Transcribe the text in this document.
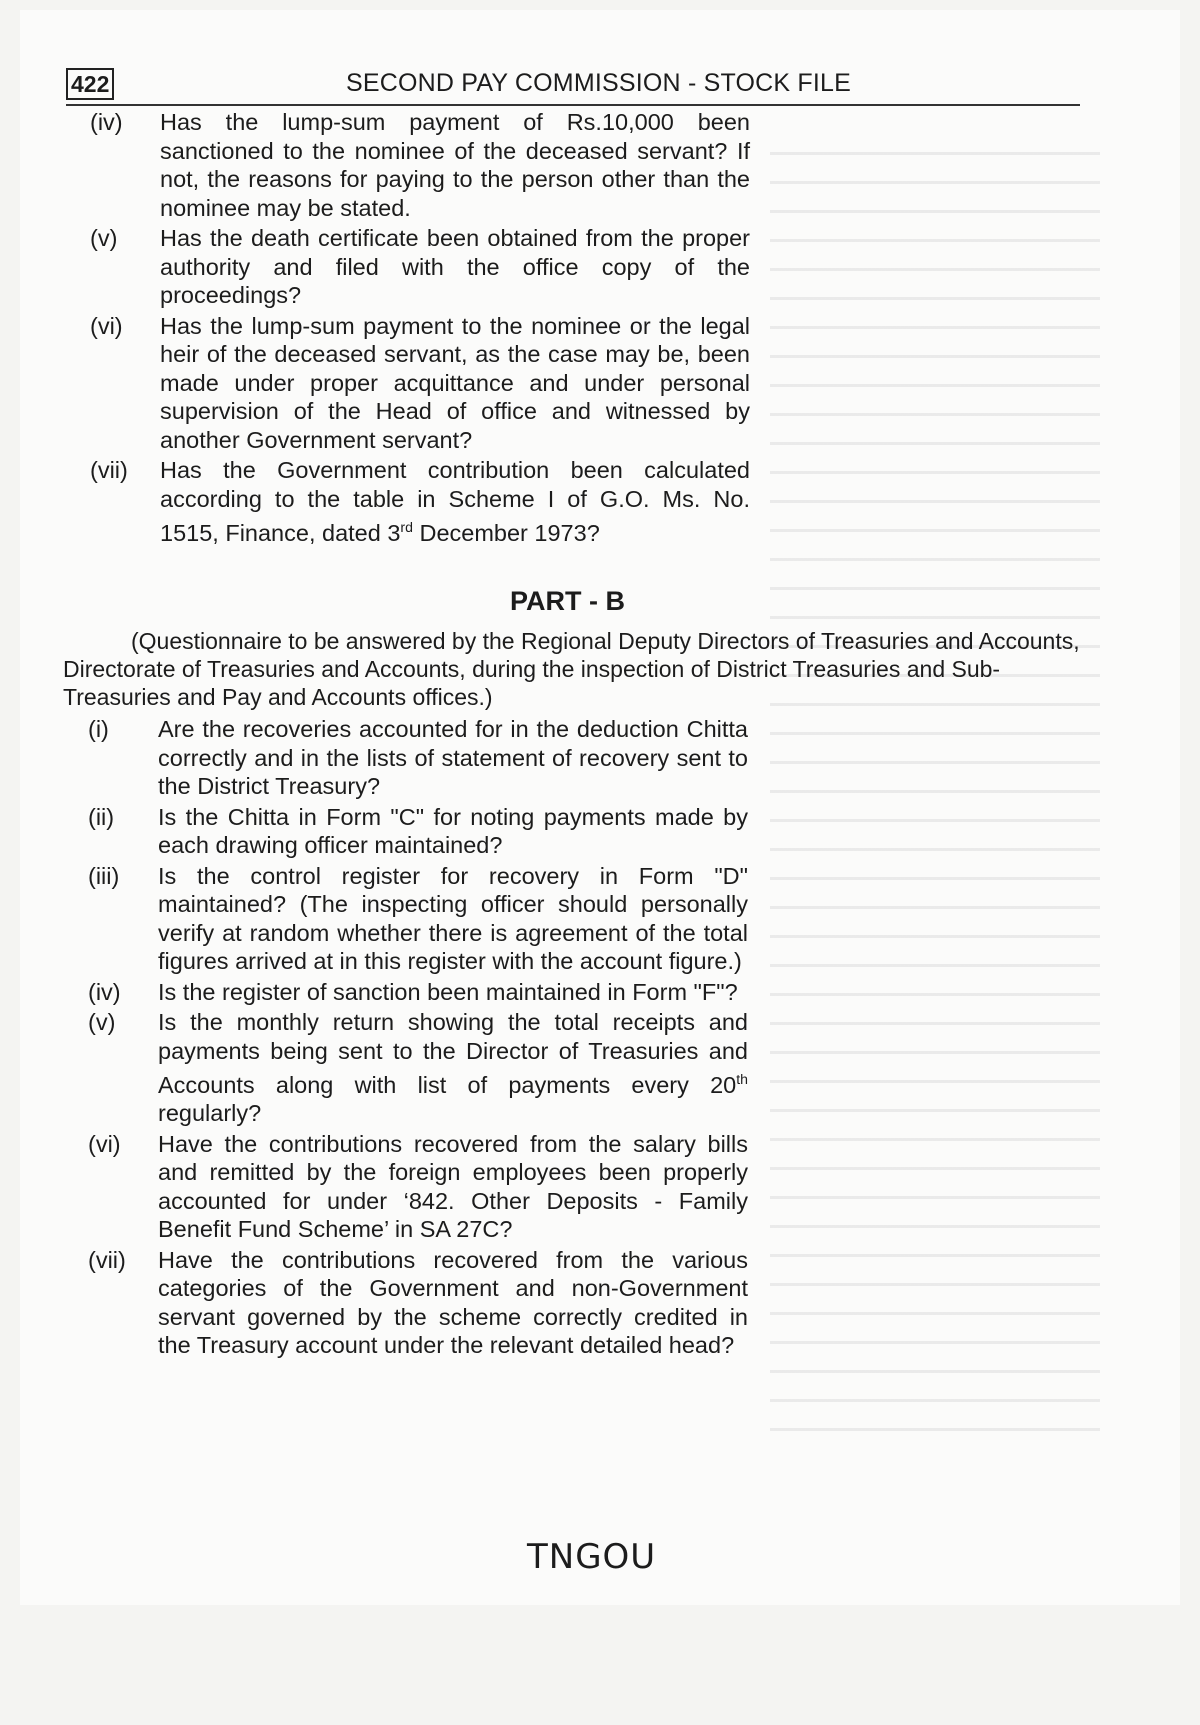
422	SECOND PAY COMMISSION - STOCK FILE
(iv) Has the lump-sum payment of Rs.10,000 been sanctioned to the nominee of the deceased servant? If not, the reasons for paying to the person other than the nominee may be stated.
(v) Has the death certificate been obtained from the proper authority and filed with the office copy of the proceedings?
(vi) Has the lump-sum payment to the nominee or the legal heir of the deceased servant, as the case may be, been made under proper acquittance and under personal supervision of the Head of office and witnessed by another Government servant?
(vii) Has the Government contribution been calculated according to the table in Scheme I of G.O. Ms. No. 1515, Finance, dated 3rd December 1973?
PART - B
(Questionnaire to be answered by the Regional Deputy Directors of Treasuries and Accounts, Directorate of Treasuries and Accounts, during the inspection of District Treasuries and Sub-Treasuries and Pay and Accounts offices.)
(i) Are the recoveries accounted for in the deduction Chitta correctly and in the lists of statement of recovery sent to the District Treasury?
(ii) Is the Chitta in Form "C" for noting payments made by each drawing officer maintained?
(iii) Is the control register for recovery in Form "D" maintained? (The inspecting officer should personally verify at random whether there is agreement of the total figures arrived at in this register with the account figure.)
(iv) Is the register of sanction been maintained in Form "F"?
(v) Is the monthly return showing the total receipts and payments being sent to the Director of Treasuries and Accounts along with list of payments every 20th regularly?
(vi) Have the contributions recovered from the salary bills and remitted by the foreign employees been properly accounted for under ‘842. Other Deposits - Family Benefit Fund Scheme’ in SA 27C?
(vii) Have the contributions recovered from the various categories of the Government and non-Government servant governed by the scheme correctly credited in the Treasury account under the relevant detailed head?
TNGOU
